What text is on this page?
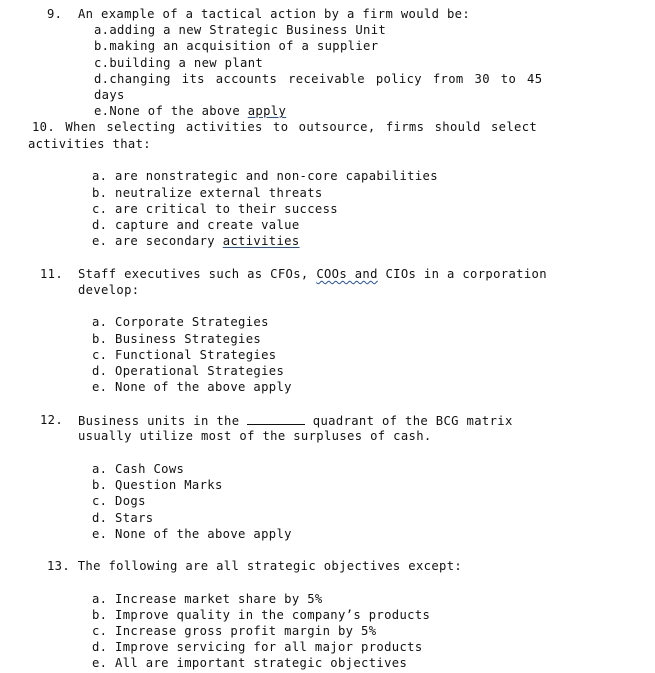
9. An example of a tactical action by a firm would be:
a.adding a new Strategic Business Unit
b.making an acquisition of a supplier
c.building a new plant
d.changing its accounts receivable policy from 30 to 45
days
e.None of the above apply
10. When selecting activities to outsource, firms should select
activities that:
a. are nonstrategic and non-core capabilities
b. neutralize external threats
c. are critical to their success
d. capture and create value
e. are secondary activities
11. Staff executives such as CFOs, COOs and CIOs in a corporation
develop:
a. Corporate Strategies
b. Business Strategies
c. Functional Strategies
d. Operational Strategies
e. None of the above apply
12. Business units in the	quadrant of the BCG matrix
usually utilize most of the surpluses of cash.
a. Cash Cows
b. Question Marks
c. Dogs
d. Stars
e. None of the above apply
13. The following are all strategic objectives except:
a. Increase market share by 5%
b. Improve quality in the company’s products
c. Increase gross profit margin by 5%
d. Improve servicing for all major products
e. All are important strategic objectives
